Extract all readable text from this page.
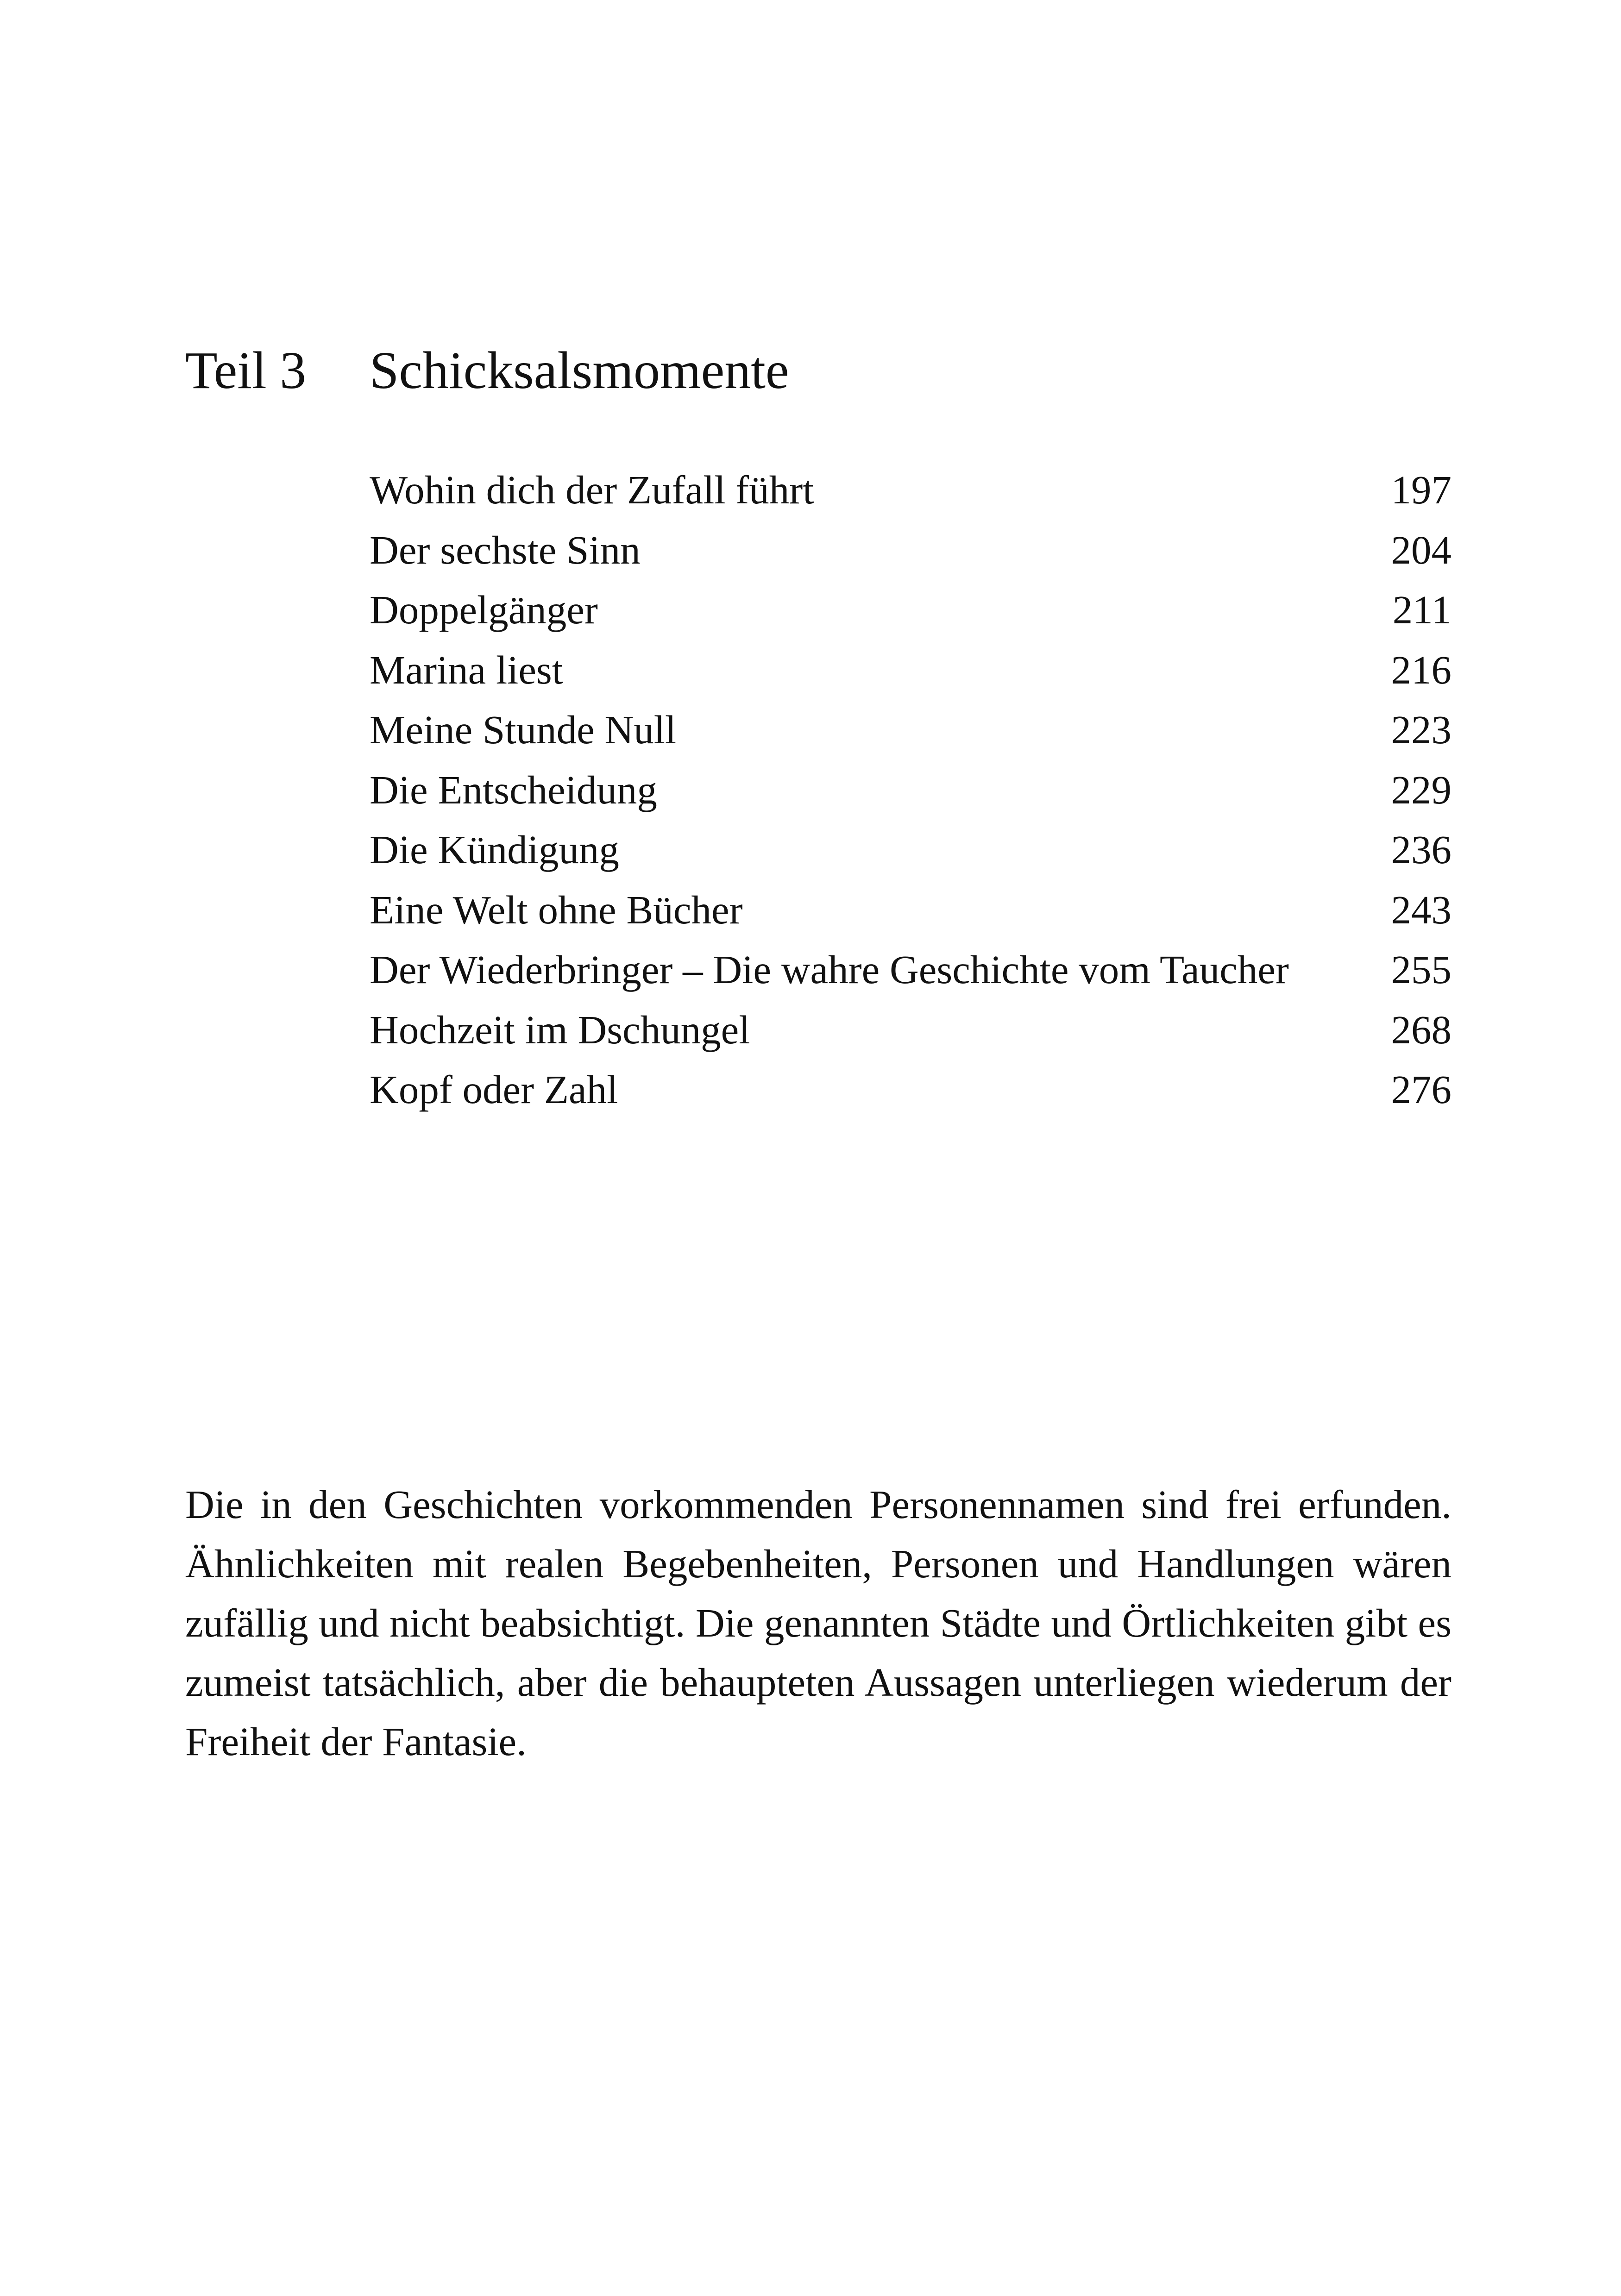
Teil 3 Schicksalsmomente
Wohin dich der Zufall führt	197
Der sechste Sinn	204
Doppelgänger	211
Marina liest	216
Meine Stunde Null	223
Die Entscheidung	229
Die Kündigung	236
Eine Welt ohne Bücher	243
Der Wiederbringer – Die wahre Geschichte vom Taucher	255
Hochzeit im Dschungel	268
Kopf oder Zahl	276

Die in den Geschichten vorkommenden Personennamen sind frei erfunden. Ähnlichkeiten mit realen Begebenheiten, Personen und Handlungen wären zufällig und nicht beabsichtigt. Die genannten Städte und Örtlichkeiten gibt es zumeist tatsächlich, aber die behaupteten Aussagen unterliegen wiederum der Freiheit der Fantasie.
